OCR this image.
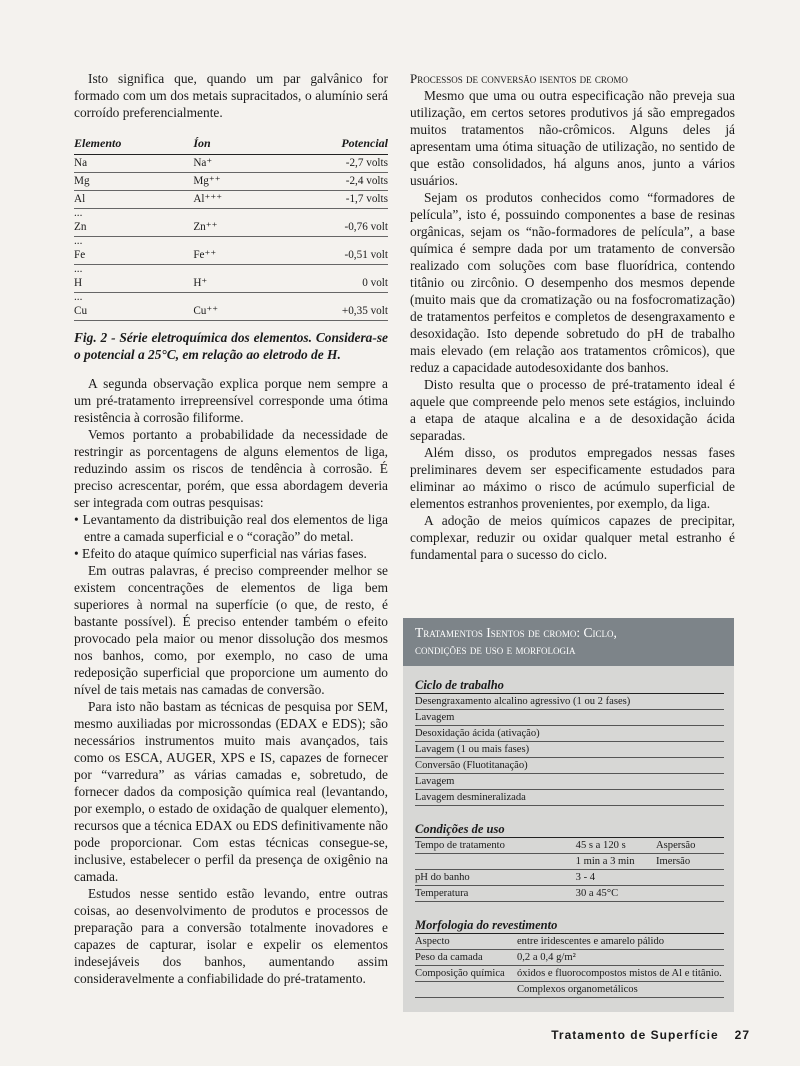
Isto significa que, quando um par galvânico for formado com um dos metais supracitados, o alumínio será corroído preferencialmente.

Elemento	Íon	Potencial
Na	Na⁺	-2,7 volts
Mg	Mg⁺⁺	-2,4 volts
Al	Al⁺⁺⁺	-1,7 volts
...		
Zn	Zn⁺⁺	-0,76 volt
...		
Fe	Fe⁺⁺	-0,51 volt
...		
H	H⁺	0 volt
...		
Cu	Cu⁺⁺	+0,35 volt
Fig. 2 - Série eletroquímica dos elementos. Considera-se o potencial a 25°C, em relação ao eletrodo de H.

A segunda observação explica porque nem sempre a um pré-tratamento irrepreensível corresponde uma ótima resistência à corrosão filiforme.

Vemos portanto a probabilidade da necessidade de restringir as porcentagens de alguns elementos de liga, reduzindo assim os riscos de tendência à corrosão. É preciso acrescentar, porém, que essa abordagem deveria ser integrada com outras pesquisas:

• Levantamento da distribuição real dos elementos de liga entre a camada superficial e o “coração” do metal.
• Efeito do ataque químico superficial nas várias fases.

Em outras palavras, é preciso compreender melhor se existem concentrações de elementos de liga bem superiores à normal na superfície (o que, de resto, é bastante possível). É preciso entender também o efeito provocado pela maior ou menor dissolução dos mesmos nos banhos, como, por exemplo, no caso de uma redeposição superficial que proporcione um aumento do nível de tais metais nas camadas de conversão.

Para isto não bastam as técnicas de pesquisa por SEM, mesmo auxiliadas por microssondas (EDAX e EDS); são necessários instrumentos muito mais avançados, tais como os ESCA, AUGER, XPS e IS, capazes de fornecer por “varredura” as várias camadas e, sobretudo, de fornecer dados da composição química real (levantando, por exemplo, o estado de oxidação de qualquer elemento), recursos que a técnica EDAX ou EDS definitivamente não pode proporcionar. Com estas técnicas consegue-se, inclusive, estabelecer o perfil da presença de oxigênio na camada.

Estudos nesse sentido estão levando, entre outras coisas, ao desenvolvimento de produtos e processos de preparação para a conversão totalmente inovadores e capazes de capturar, isolar e expelir os elementos indesejáveis dos banhos, aumentando assim consideravelmente a confiabilidade do pré-tratamento.

Processos de conversão isentos de cromo

Mesmo que uma ou outra especificação não preveja sua utilização, em certos setores produtivos já são empregados muitos tratamentos não-crômicos. Alguns deles já apresentam uma ótima situação de utilização, no sentido de que estão consolidados, há alguns anos, junto a vários usuários.

Sejam os produtos conhecidos como “formadores de película”, isto é, possuindo componentes a base de resinas orgânicas, sejam os “não-formadores de película”, a base química é sempre dada por um tratamento de conversão realizado com soluções com base fluorídrica, contendo titânio ou zircônio. O desempenho dos mesmos depende (muito mais que da cromatização ou na fosfocromatização) de tratamentos perfeitos e completos de desengraxamento e desoxidação. Isto depende sobretudo do pH de trabalho mais elevado (em relação aos tratamentos crômicos), que reduz a capacidade autodesoxidante dos banhos.

Disto resulta que o processo de pré-tratamento ideal é aquele que compreende pelo menos sete estágios, incluindo a etapa de ataque alcalina e a de desoxidação ácida separadas.

Além disso, os produtos empregados nessas fases preliminares devem ser especificamente estudados para eliminar ao máximo o risco de acúmulo superficial de elementos estranhos provenientes, por exemplo, da liga.

A adoção de meios químicos capazes de precipitar, complexar, reduzir ou oxidar qualquer metal estranho é fundamental para o sucesso do ciclo.

Tratamentos Isentos de cromo: Ciclo,
condições de uso e morfologia
Ciclo de trabalho
Desengraxamento alcalino agressivo (1 ou 2 fases)
Lavagem
Desoxidação ácida (ativação)
Lavagem (1 ou mais fases)
Conversão (Fluotitanação)
Lavagem
Lavagem desmineralizada
Condições de uso
Tempo de tratamento	45 s a 120 s	Aspersão
	1 min a 3 min	Imersão
pH do banho	3 - 4	
Temperatura	30 a 45°C	
Morfologia do revestimento
Aspecto	entre iridescentes e amarelo pálido
Peso da camada	0,2 a 0,4 g/m²
Composição química	óxidos e fluorocompostos mistos de Al e titânio.
	Complexos organometálicos
Tratamento de Superfície 27
